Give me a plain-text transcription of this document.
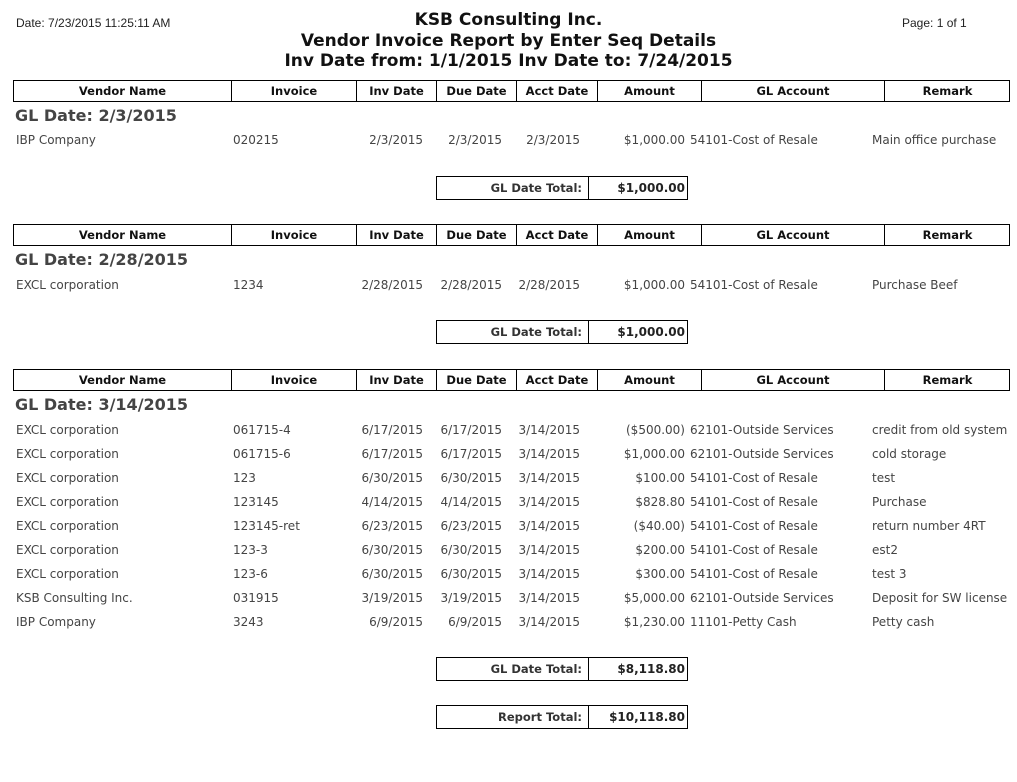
Date: 7/23/2015 11:25:11 AM	Page: 1 of 1
KSB Consulting Inc.
Vendor Invoice Report by Enter Seq Details
Inv Date from: 1/1/2015 Inv Date to: 7/24/2015
Vendor Name	Invoice	Inv Date	Due Date	Acct Date	Amount	GL Account	Remark
GL Date: 2/3/2015
IBP Company	020215	2/3/2015	2/3/2015	2/3/2015	$1,000.00 54101-Cost of Resale	Main office purchase
GL Date Total:	$1,000.00
Vendor Name	Invoice	Inv Date	Due Date	Acct Date	Amount	GL Account	Remark
GL Date: 2/28/2015
EXCL corporation	1234	2/28/2015	2/28/2015	2/28/2015	$1,000.00 54101-Cost of Resale	Purchase Beef
GL Date Total:	$1,000.00
Vendor Name	Invoice	Inv Date	Due Date	Acct Date	Amount	GL Account	Remark
GL Date: 3/14/2015
EXCL corporation	061715-4	6/17/2015	6/17/2015	3/14/2015	($500.00) 62101-Outside Services	credit from old system
EXCL corporation	061715-6	6/17/2015	6/17/2015	3/14/2015	$1,000.00 62101-Outside Services	cold storage
EXCL corporation	123	6/30/2015	6/30/2015	3/14/2015	$100.00 54101-Cost of Resale	test
EXCL corporation	123145	4/14/2015	4/14/2015	3/14/2015	$828.80 54101-Cost of Resale	Purchase
EXCL corporation	123145-ret	6/23/2015	6/23/2015	3/14/2015	($40.00) 54101-Cost of Resale	return number 4RT
EXCL corporation	123-3	6/30/2015	6/30/2015	3/14/2015	$200.00 54101-Cost of Resale	est2
EXCL corporation	123-6	6/30/2015	6/30/2015	3/14/2015	$300.00 54101-Cost of Resale	test 3
KSB Consulting Inc.	031915	3/19/2015	3/19/2015	3/14/2015	$5,000.00 62101-Outside Services	Deposit for SW license
IBP Company	3243	6/9/2015	6/9/2015	3/14/2015	$1,230.00 11101-Petty Cash	Petty cash
GL Date Total:	$8,118.80
Report Total:	$10,118.80
